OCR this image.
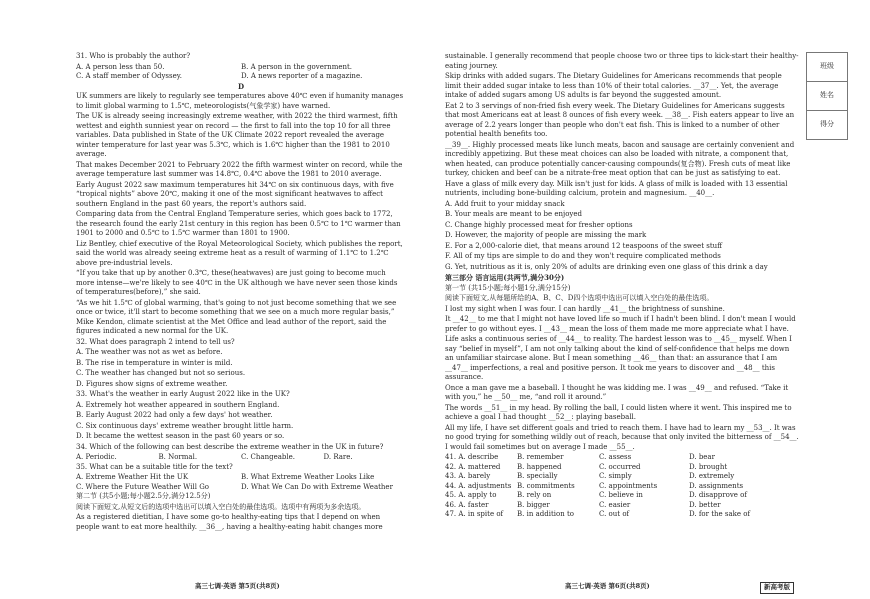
31. Who is probably the author?

A. A person less than 50.	B. A person in the government.
C. A staff member of Odyssey.	D. A news reporter of a magazine.

D

UK summers are likely to regularly see temperatures above 40℃ even if humanity manages to limit global warming to 1.5℃, meteorologists(气象学家) have warned.

The UK is already seeing increasingly extreme weather, with 2022 the third warmest, fifth wettest and eighth sunniest year on record — the first to fall into the top 10 for all three variables. Data published in State of the UK Climate 2022 report revealed the average winter temperature for last year was 5.3℃, which is 1.6℃ higher than the 1981 to 2010 average.

That makes December 2021 to February 2022 the fifth warmest winter on record, while the average temperature last summer was 14.8℃, 0.4℃ above the 1981 to 2010 average.

Early August 2022 saw maximum temperatures hit 34℃ on six continuous days, with five “tropical nights” above 20℃, making it one of the most significant heatwaves to affect southern England in the past 60 years, the report's authors said.

Comparing data from the Central England Temperature series, which goes back to 1772, the research found the early 21st century in this region has been 0.5℃ to 1℃ warmer than 1901 to 2000 and 0.5℃ to 1.5℃ warmer than 1801 to 1900.

Liz Bentley, chief executive of the Royal Meteorological Society, which publishes the report, said the world was already seeing extreme heat as a result of warming of 1.1℃ to 1.2℃ above pre-industrial levels.

“If you take that up by another 0.3℃, these(heatwaves) are just going to become much more intense—we're likely to see 40℃ in the UK although we have never seen those kinds of temperatures(before),” she said.

“As we hit 1.5℃ of global warming, that's going to not just become something that we see once or twice, it'll start to become something that we see on a much more regular basis,” Mike Kendon, climate scientist at the Met Office and lead author of the report, said the figures indicated a new normal for the UK.

32. What does paragraph 2 intend to tell us?

A. The weather was not as wet as before.

B. The rise in temperature in winter is mild.

C. The weather has changed but not so serious.

D. Figures show signs of extreme weather.

33. What's the weather in early August 2022 like in the UK?

A. Extremely hot weather appeared in southern England.

B. Early August 2022 had only a few days' hot weather.

C. Six continuous days' extreme weather brought little harm.

D. It became the wettest season in the past 60 years or so.

34. Which of the following can best describe the extreme weather in the UK in future?

A. Periodic.	B. Normal.	C. Changeable.	D. Rare.

35. What can be a suitable title for the text?

A. Extreme Weather Hit the UK	B. What Extreme Weather Looks Like
C. Where the Future Weather Will Go	D. What We Can Do with Extreme Weather

第二节 (共5小题;每小题2.5分,满分12.5分)

阅读下面短文,从短文后的选项中选出可以填入空白处的最佳选项。选项中有两项为多余选项。

As a registered dietitian, I have some go-to healthy-eating tips that I depend on when people want to eat more healthily. __36__, having a healthy-eating habit changes more

sustainable. I generally recommend that people choose two or three tips to kick-start their healthy-eating journey.

Skip drinks with added sugars. The Dietary Guidelines for Americans recommends that people limit their added sugar intake to less than 10% of their total calories. __37__. Yet, the average intake of added sugars among US adults is far beyond the suggested amount.

Eat 2 to 3 servings of non-fried fish every week. The Dietary Guidelines for Americans suggests that most Americans eat at least 8 ounces of fish every week. __38__. Fish eaters appear to live an average of 2.2 years longer than people who don't eat fish. This is linked to a number of other potential health benefits too.

__39__. Highly processed meats like lunch meats, bacon and sausage are certainly convenient and incredibly appetizing. But these meat choices can also be loaded with nitrate, a component that, when heated, can produce potentially cancer-causing compounds(复合物). Fresh cuts of meat like turkey, chicken and beef can be a nitrate-free meat option that can be just as satisfying to eat.

Have a glass of milk every day. Milk isn't just for kids. A glass of milk is loaded with 13 essential nutrients, including bone-building calcium, protein and magnesium. __40__.

A. Add fruit to your midday snack

B. Your meals are meant to be enjoyed

C. Change highly processed meat for fresher options

D. However, the majority of people are missing the mark

E. For a 2,000-calorie diet, that means around 12 teaspoons of the sweet stuff

F. All of my tips are simple to do and they won't require complicated methods

G. Yet, nutritious as it is, only 20% of adults are drinking even one glass of this drink a day

第三部分 语言运用(共两节,满分30分)

第一节 (共15小题;每小题1分,满分15分)

阅读下面短文,从每题所给的A、B、C、D四个选项中选出可以填入空白处的最佳选项。

I lost my sight when I was four. I can hardly __41__ the brightness of sunshine.

It __42__ to me that I might not have loved life so much if I hadn't been blind. I don't mean I would prefer to go without eyes. I __43__ mean the loss of them made me more appreciate what I have.

Life asks a continuous series of __44__ to reality. The hardest lesson was to __45__ myself. When I say “belief in myself”, I am not only talking about the kind of self-confidence that helps me down an unfamiliar staircase alone. But I mean something __46__ than that: an assurance that I am __47__ imperfections, a real and positive person. It took me years to discover and __48__ this assurance.

Once a man gave me a baseball. I thought he was kidding me. I was __49__ and refused. “Take it with you,” he __50__ me, “and roll it around.”

The words __51__ in my head. By rolling the ball, I could listen where it went. This inspired me to achieve a goal I had thought __52__: playing baseball.

All my life, I have set different goals and tried to reach them. I have had to learn my __53__. It was no good trying for something wildly out of reach, because that only invited the bitterness of __54__. I would fail sometimes but on average I made __55__.

41. A. describe	B. remember	C. assess	D. bear
42. A. mattered	B. happened	C. occurred	D. brought
43. A. barely	B. specially	C. simply	D. extremely
44. A. adjustments B. commitments	C. appointments	D. assignments
45. A. apply to	B. rely on	C. believe in	D. disapprove of
46. A. faster	B. bigger	C. easier	D. better
47. A. in spite of	B. in addition to	C. out of	D. for the sake of
班级
姓名
得分
高三七调·英语 第5页(共8页)	高三七调·英语 第6页(共8页)	新高考版
